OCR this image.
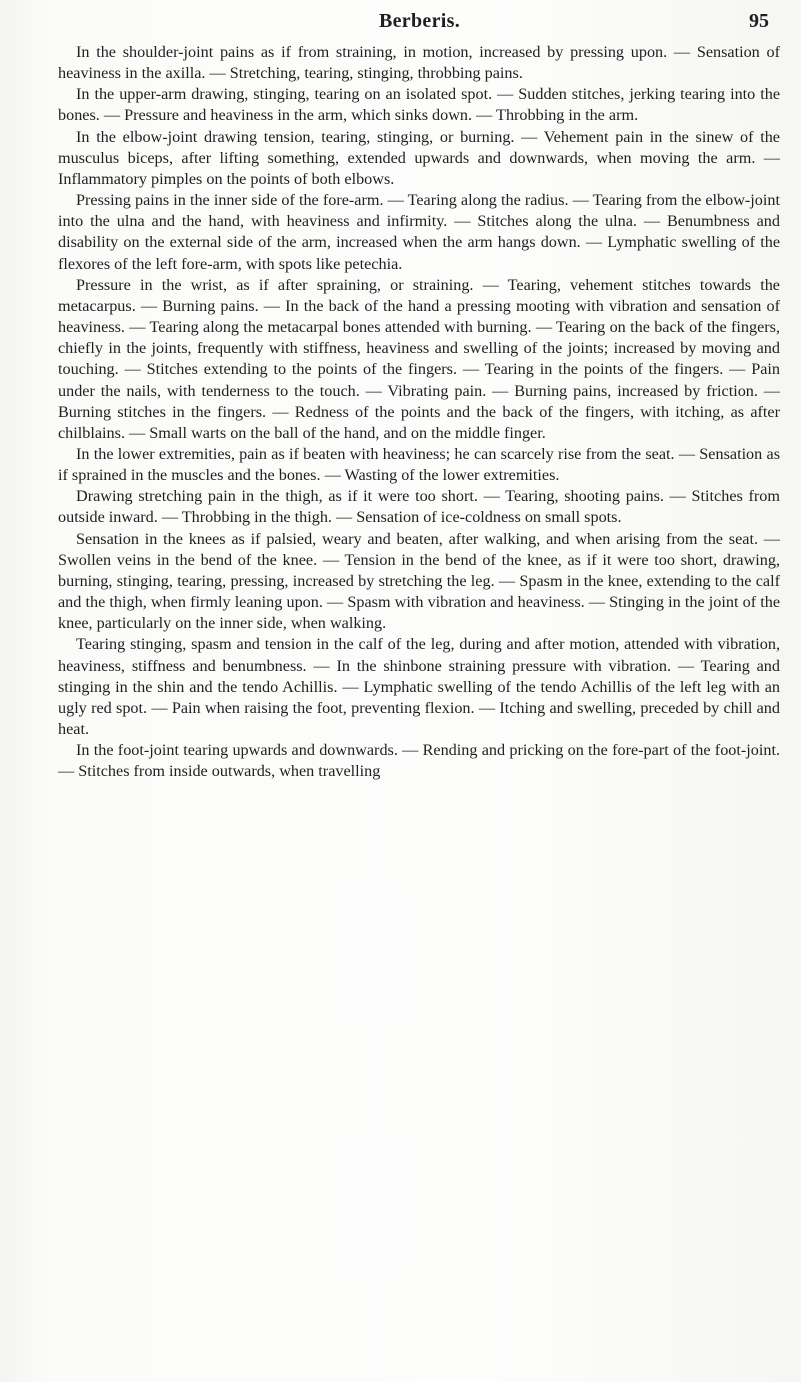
Berberis.	95

In the shoulder-joint pains as if from straining, in motion, increased by pressing upon. — Sensation of heaviness in the axilla. — Stretching, tearing, stinging, throbbing pains.

In the upper-arm drawing, stinging, tearing on an isolated spot. — Sudden stitches, jerking tearing into the bones. — Pressure and heaviness in the arm, which sinks down. — Throbbing in the arm.

In the elbow-joint drawing tension, tearing, stinging, or burning. — Vehement pain in the sinew of the musculus biceps, after lifting something, extended upwards and downwards, when moving the arm. — Inflammatory pimples on the points of both elbows.

Pressing pains in the inner side of the fore-arm. — Tearing along the radius. — Tearing from the elbow-joint into the ulna and the hand, with heaviness and infirmity. — Stitches along the ulna. — Benumbness and disability on the external side of the arm, increased when the arm hangs down. — Lymphatic swelling of the flexores of the left fore-arm, with spots like petechia.

Pressure in the wrist, as if after spraining, or straining. — Tearing, vehement stitches towards the metacarpus. — Burning pains. — In the back of the hand a pressing mooting with vibration and sensation of heaviness. — Tearing along the metacarpal bones attended with burning. — Tearing on the back of the fingers, chiefly in the joints, frequently with stiffness, heaviness and swelling of the joints; increased by moving and touching. — Stitches extending to the points of the fingers. — Tearing in the points of the fingers. — Pain under the nails, with tenderness to the touch. — Vibrating pain. — Burning pains, increased by friction. — Burning stitches in the fingers. — Redness of the points and the back of the fingers, with itching, as after chilblains. — Small warts on the ball of the hand, and on the middle finger.

In the lower extremities, pain as if beaten with heaviness; he can scarcely rise from the seat. — Sensation as if sprained in the muscles and the bones. — Wasting of the lower extremities.

Drawing stretching pain in the thigh, as if it were too short. — Tearing, shooting pains. — Stitches from outside inward. — Throbbing in the thigh. — Sensation of ice-coldness on small spots.

Sensation in the knees as if palsied, weary and beaten, after walking, and when arising from the seat. — Swollen veins in the bend of the knee. — Tension in the bend of the knee, as if it were too short, drawing, burning, stinging, tearing, pressing, increased by stretching the leg. — Spasm in the knee, extending to the calf and the thigh, when firmly leaning upon. — Spasm with vibration and heaviness. — Stinging in the joint of the knee, particularly on the inner side, when walking.

Tearing stinging, spasm and tension in the calf of the leg, during and after motion, attended with vibration, heaviness, stiffness and benumbness. — In the shinbone straining pressure with vibration. — Tearing and stinging in the shin and the tendo Achillis. — Lymphatic swelling of the tendo Achillis of the left leg with an ugly red spot. — Pain when raising the foot, preventing flexion. — Itching and swelling, preceded by chill and heat.

In the foot-joint tearing upwards and downwards. — Rending and pricking on the fore-part of the foot-joint. — Stitches from inside outwards, when travelling
